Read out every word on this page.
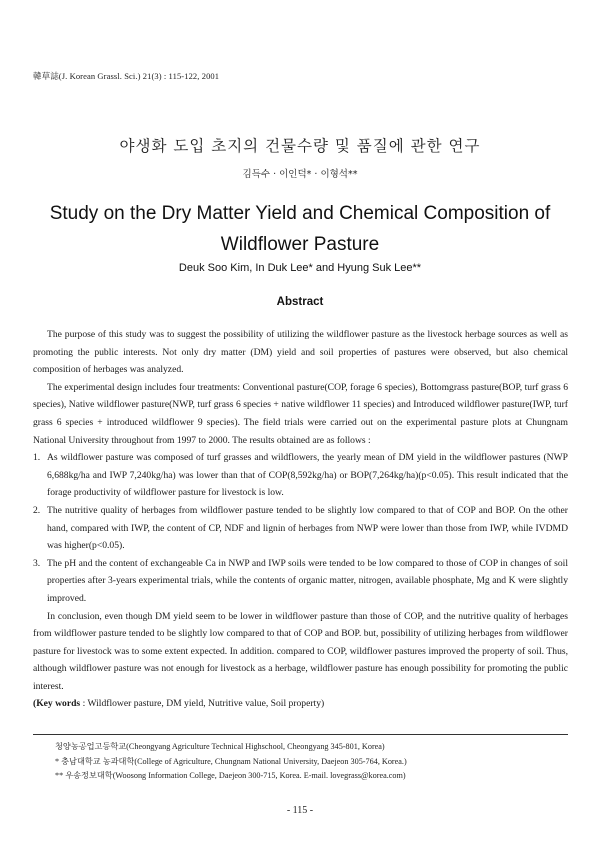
韓草誌(J. Korean Grassl. Sci.) 21(3) : 115-122, 2001
야생화 도입 초지의 건물수량 및 품질에 관한 연구
김득수 · 이인덕* · 이형석**
Study on the Dry Matter Yield and Chemical Composition of
Wildflower Pasture
Deuk Soo Kim, In Duk Lee* and Hyung Suk Lee**
Abstract

The purpose of this study was to suggest the possibility of utilizing the wildflower pasture as the livestock herbage sources as well as promoting the public interests. Not only dry matter (DM) yield and soil properties of pastures were observed, but also chemical composition of herbages was analyzed.

The experimental design includes four treatments: Conventional pasture(COP, forage 6 species), Bottomgrass pasture(BOP, turf grass 6 species), Native wildflower pasture(NWP, turf grass 6 species + native wildflower 11 species) and Introduced wildflower pasture(IWP, turf grass 6 species + introduced wildflower 9 species). The field trials were carried out on the experimental pasture plots at Chungnam National University throughout from 1997 to 2000. The results obtained are as follows :

1. As wildflower pasture was composed of turf grasses and wildflowers, the yearly mean of DM yield in the wildflower pastures (NWP 6,688kg/ha and IWP 7,240kg/ha) was lower than that of COP(8,592kg/ha) or BOP(7,264kg/ha)(p<0.05). This result indicated that the forage productivity of wildflower pasture for livestock is low.
2. The nutritive quality of herbages from wildflower pasture tended to be slightly low compared to that of COP and BOP. On the other hand, compared with IWP, the content of CP, NDF and lignin of herbages from NWP were lower than those from IWP, while IVDMD was higher(p<0.05).
3. The pH and the content of exchangeable Ca in NWP and IWP soils were tended to be low compared to those of COP in changes of soil properties after 3-years experimental trials, while the contents of organic matter, nitrogen, available phosphate, Mg and K were slightly improved.

In conclusion, even though DM yield seem to be lower in wildflower pasture than those of COP, and the nutritive quality of herbages from wildflower pasture tended to be slightly low compared to that of COP and BOP. but, possibility of utilizing herbages from wildflower pasture for livestock was to some extent expected. In addition. compared to COP, wildflower pastures improved the property of soil. Thus, although wildflower pasture was not enough for livestock as a herbage, wildflower pasture has enough possibility for promoting the public interest.

(Key words : Wildflower pasture, DM yield, Nutritive value, Soil property)

청양농공업고등학교(Cheongyang Agriculture Technical Highschool, Cheongyang 345-801, Korea)
* 충남대학교 농과대학(College of Agriculture, Chungnam National University, Daejeon 305-764, Korea.)
** 우송정보대학(Woosong Information College, Daejeon 300-715, Korea. E-mail. lovegrass@korea.com)
- 115 -
